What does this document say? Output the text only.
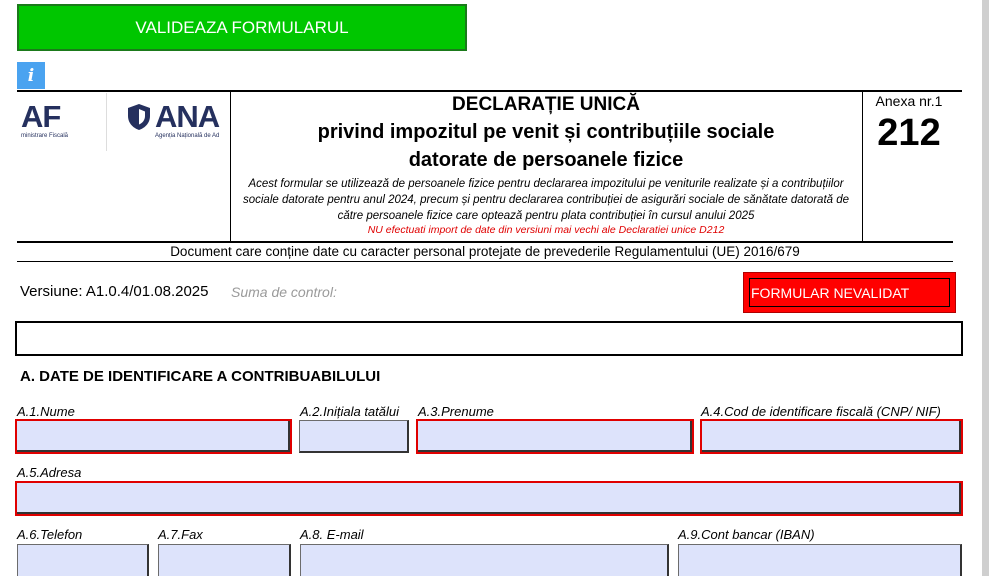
VALIDEAZA FORMULARUL
i
AF
ministrare Fiscală
ANA
Agenția Națională de Ad
DECLARAȚIE UNICĂ
privind impozitul pe venit și contribuțiile sociale
datorate de persoanele fizice
Acest formular se utilizează de persoanele fizice pentru declararea impozitului pe veniturile realizate și a contribuțiilor
sociale datorate pentru anul 2024, precum și pentru declararea contribuției de asigurări sociale de sănătate datorată de
către persoanele fizice care optează pentru plata contribuției în cursul anului 2025
NU efectuati import de date din versiuni mai vechi ale Declaratiei unice D212
Anexa nr.1
212
Document care conține date cu caracter personal protejate de prevederile Regulamentului (UE) 2016/679
Versiune: A1.0.4/01.08.2025 Suma de control:	FORMULAR NEVALIDAT
A. DATE DE IDENTIFICARE A CONTRIBUABILULUI
A.1.Nume	A.2.Inițiala tatălui A.3.Prenume	A.4.Cod de identificare fiscală (CNP/ NIF)
A.5.Adresa
A.6.Telefon	A.7.Fax	A.8. E-mail	A.9.Cont bancar (IBAN)
